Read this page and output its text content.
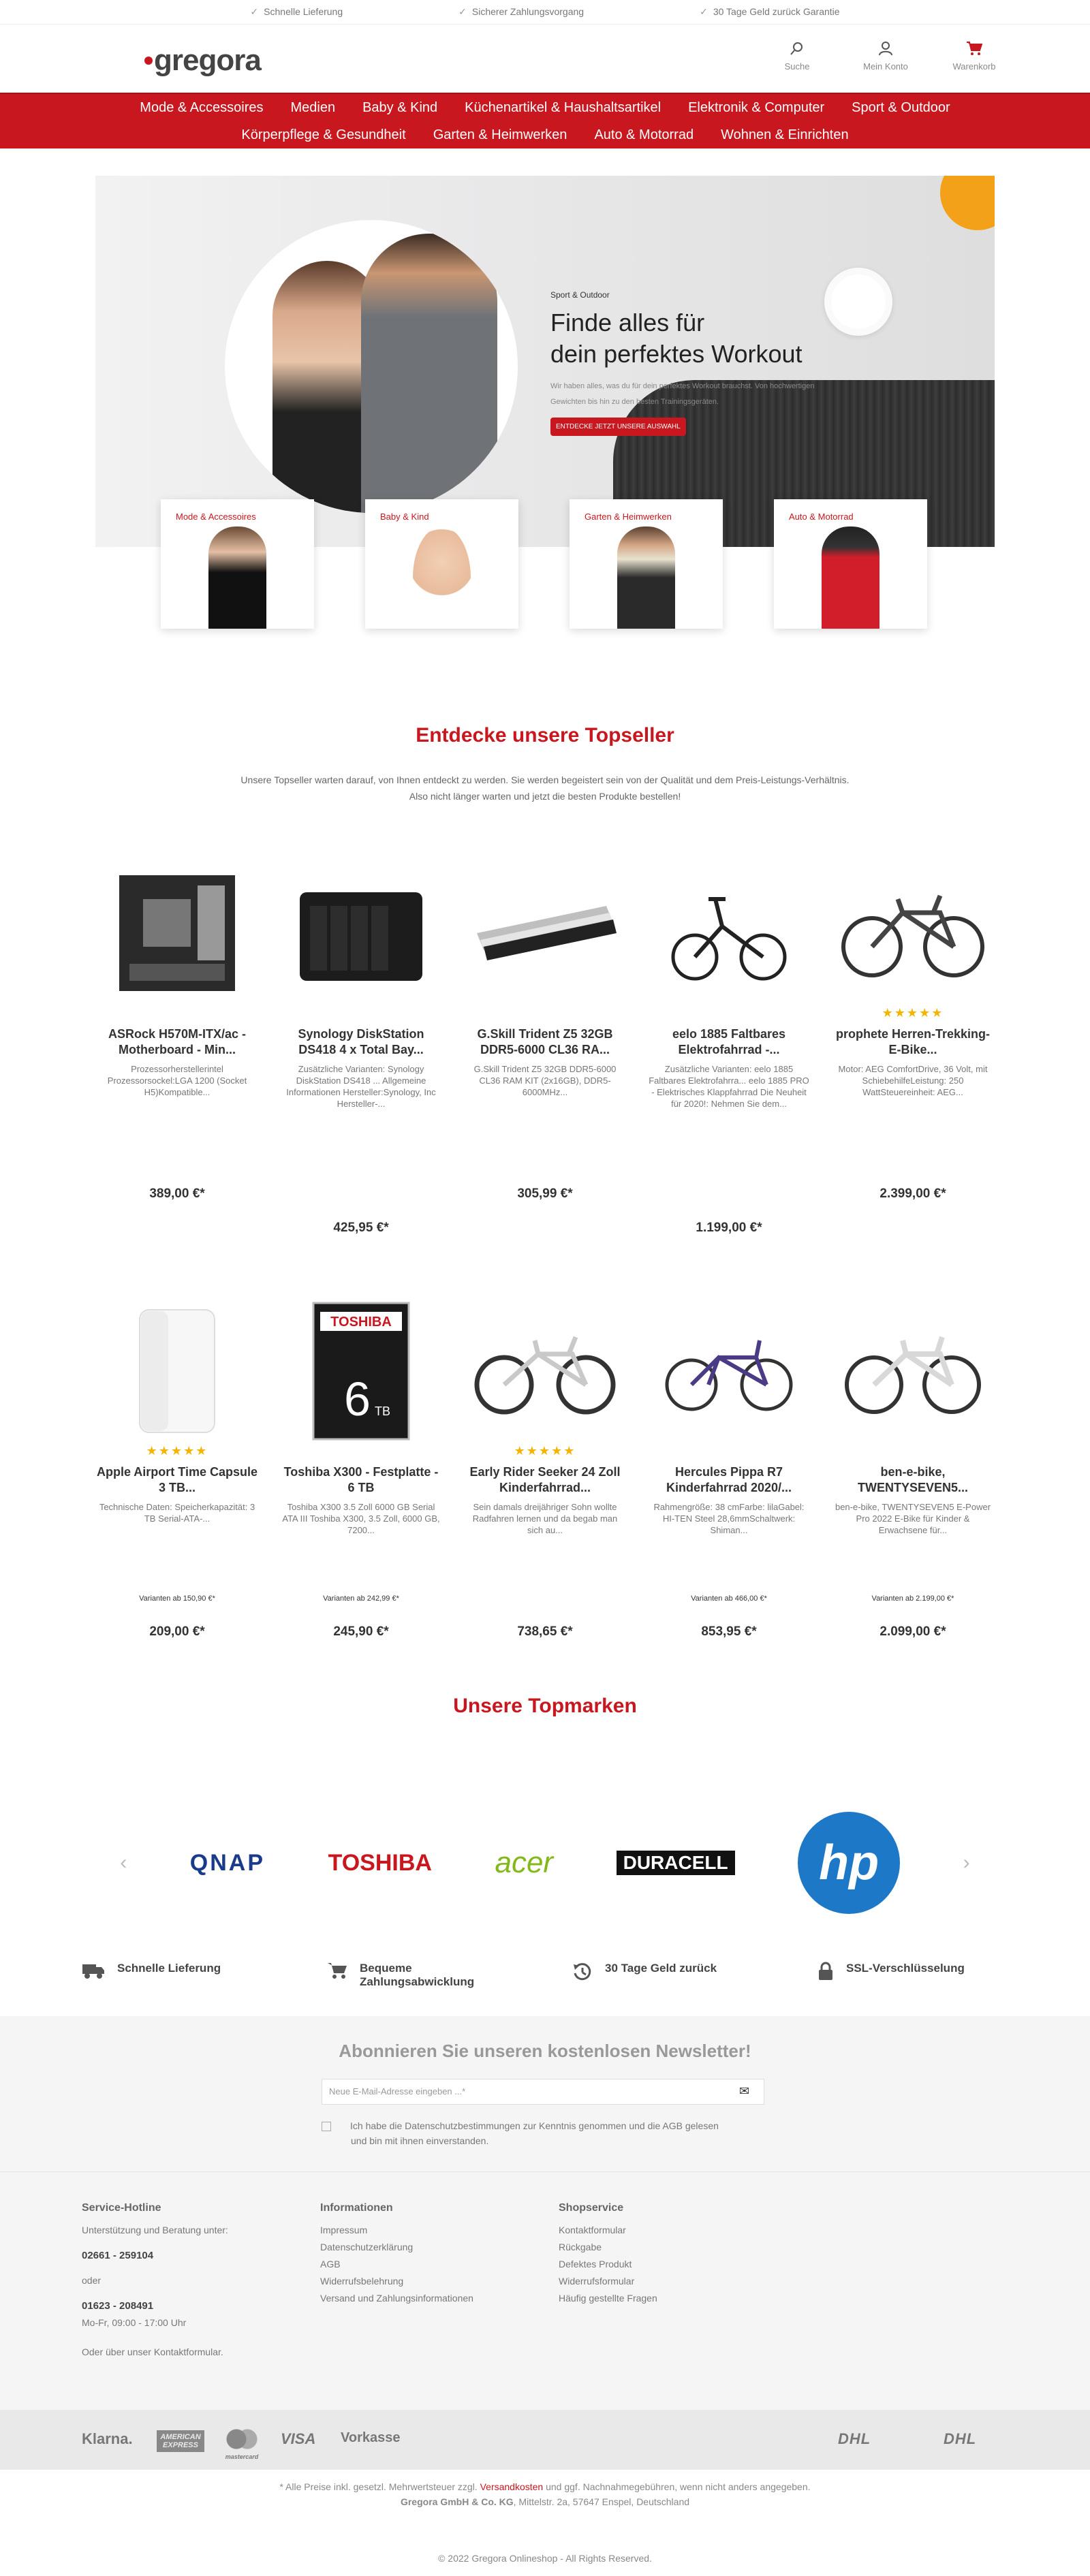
✓ Schnelle Lieferung	✓ Sicherer Zahlungsvorgang	✓ 30 Tage Geld zurück Garantie
gregora	Suche	Mein Konto	Warenkorb
Mode & Accessoires	Medien	Baby & Kind	Küchenartikel & Haushaltsartikel	Elektronik & Computer	Sport & Outdoor
Körperpflege & Gesundheit	Garten & Heimwerken	Auto & Motorrad	Wohnen & Einrichten
Sport & Outdoor
Finde alles für
dein perfektes Workout
Wir haben alles, was du für dein perfektes Workout brauchst. Von hochwertigen
Gewichten bis hin zu den besten Trainingsgeräten.
ENTDECKE JETZT UNSERE AUSWAHL
Mode & Accessoires	Baby & Kind	Garten & Heimwerken	Auto & Motorrad
Entdecke unsere Topseller
Unsere Topseller warten darauf, von Ihnen entdeckt zu werden. Sie werden begeistert sein von der Qualität und dem Preis-Leistungs-Verhältnis.
Also nicht länger warten und jetzt die besten Produkte bestellen!
ASRock H570M-ITX/ac - Motherboard - Min...
Prozessorherstellerintel Prozessorsockel:LGA 1200 (Socket H5)Kompatible...
389,00 €*
Synology DiskStation DS418 4 x Total Bay...
Zusätzliche Varianten: Synology DiskStation DS418 ... Allgemeine Informationen Hersteller:Synology, Inc Hersteller-...
425,95 €*
G.Skill Trident Z5 32GB DDR5-6000 CL36 RA...
G.Skill Trident Z5 32GB DDR5-6000 CL36 RAM KIT (2x16GB), DDR5-6000MHz...
305,99 €*
eelo 1885 Faltbares Elektrofahrrad -...
Zusätzliche Varianten: eelo 1885 Faltbares Elektrofahrra... eelo 1885 PRO - Elektrisches Klappfahrrad Die Neuheit für 2020!: Nehmen Sie dem...
1.199,00 €*
★★★★★
prophete Herren-Trekking-E-Bike...
Motor: AEG ComfortDrive, 36 Volt, mit SchiebehilfeLeistung: 250 WattSteuereinheit: AEG...
2.399,00 €*
★★★★★
Apple Airport Time Capsule 3 TB...
Technische Daten: Speicherkapazität: 3 TB Serial-ATA-...
Varianten ab 150,90 €*
209,00 €*
TOSHIBA
6 TB
Toshiba X300 - Festplatte - 6 TB
Toshiba X300 3.5 Zoll 6000 GB Serial ATA III Toshiba X300, 3.5 Zoll, 6000 GB, 7200...
Varianten ab 242,99 €*
245,90 €*
★★★★★
Early Rider Seeker 24 Zoll Kinderfahrrad...
Sein damals dreijähriger Sohn wollte Radfahren lernen und da begab man sich au...
738,65 €*
Hercules Pippa R7 Kinderfahrrad 2020/...
Rahmengröße: 38 cmFarbe: lilaGabel: HI-TEN Steel 28,6mmSchaltwerk: Shiman...
Varianten ab 466,00 €*
853,95 €*
ben-e-bike, TWENTYSEVEN5...
ben-e-bike, TWENTYSEVEN5 E-Power Pro 2022 E-Bike für Kinder & Erwachsene für...
Varianten ab 2.199,00 €*
2.099,00 €*
Unsere Topmarken
‹	QNAP	TOSHIBA acer	DURACELL	hp	›
Schnelle Lieferung	Bequeme Zahlungsabwicklung
30 Tage Geld zurück	SSL-Verschlüsselung
Abonnieren Sie unseren kostenlosen Newsletter!
Neue E-Mail-Adresse eingeben ...*	✉
Ich habe die Datenschutzbestimmungen zur Kenntnis genommen und die AGB gelesen
und bin mit ihnen einverstanden.
Service-Hotline
Unterstützung und Beratung unter:
02661 - 259104
oder
01623 - 208491
Mo-Fr, 09:00 - 17:00 Uhr
Oder über unser Kontaktformular.
Informationen
Impressum
Datenschutzerklärung
AGB
Widerrufsbelehrung
Versand und Zahlungsinformationen
Shopservice
Kontaktformular
Rückgabe
Defektes Produkt
Widerrufsformular
Häufig gestellte Fragen
Klarna.	AMERICAN EXPRESS
mastercard
VISA Vorkasse	DHL	DHL
* Alle Preise inkl. gesetzl. Mehrwertsteuer zzgl. Versandkosten und ggf. Nachnahmegebühren, wenn nicht anders angegeben.
Gregora GmbH & Co. KG, Mittelstr. 2a, 57647 Enspel, Deutschland
© 2022 Gregora Onlineshop - All Rights Reserved.
